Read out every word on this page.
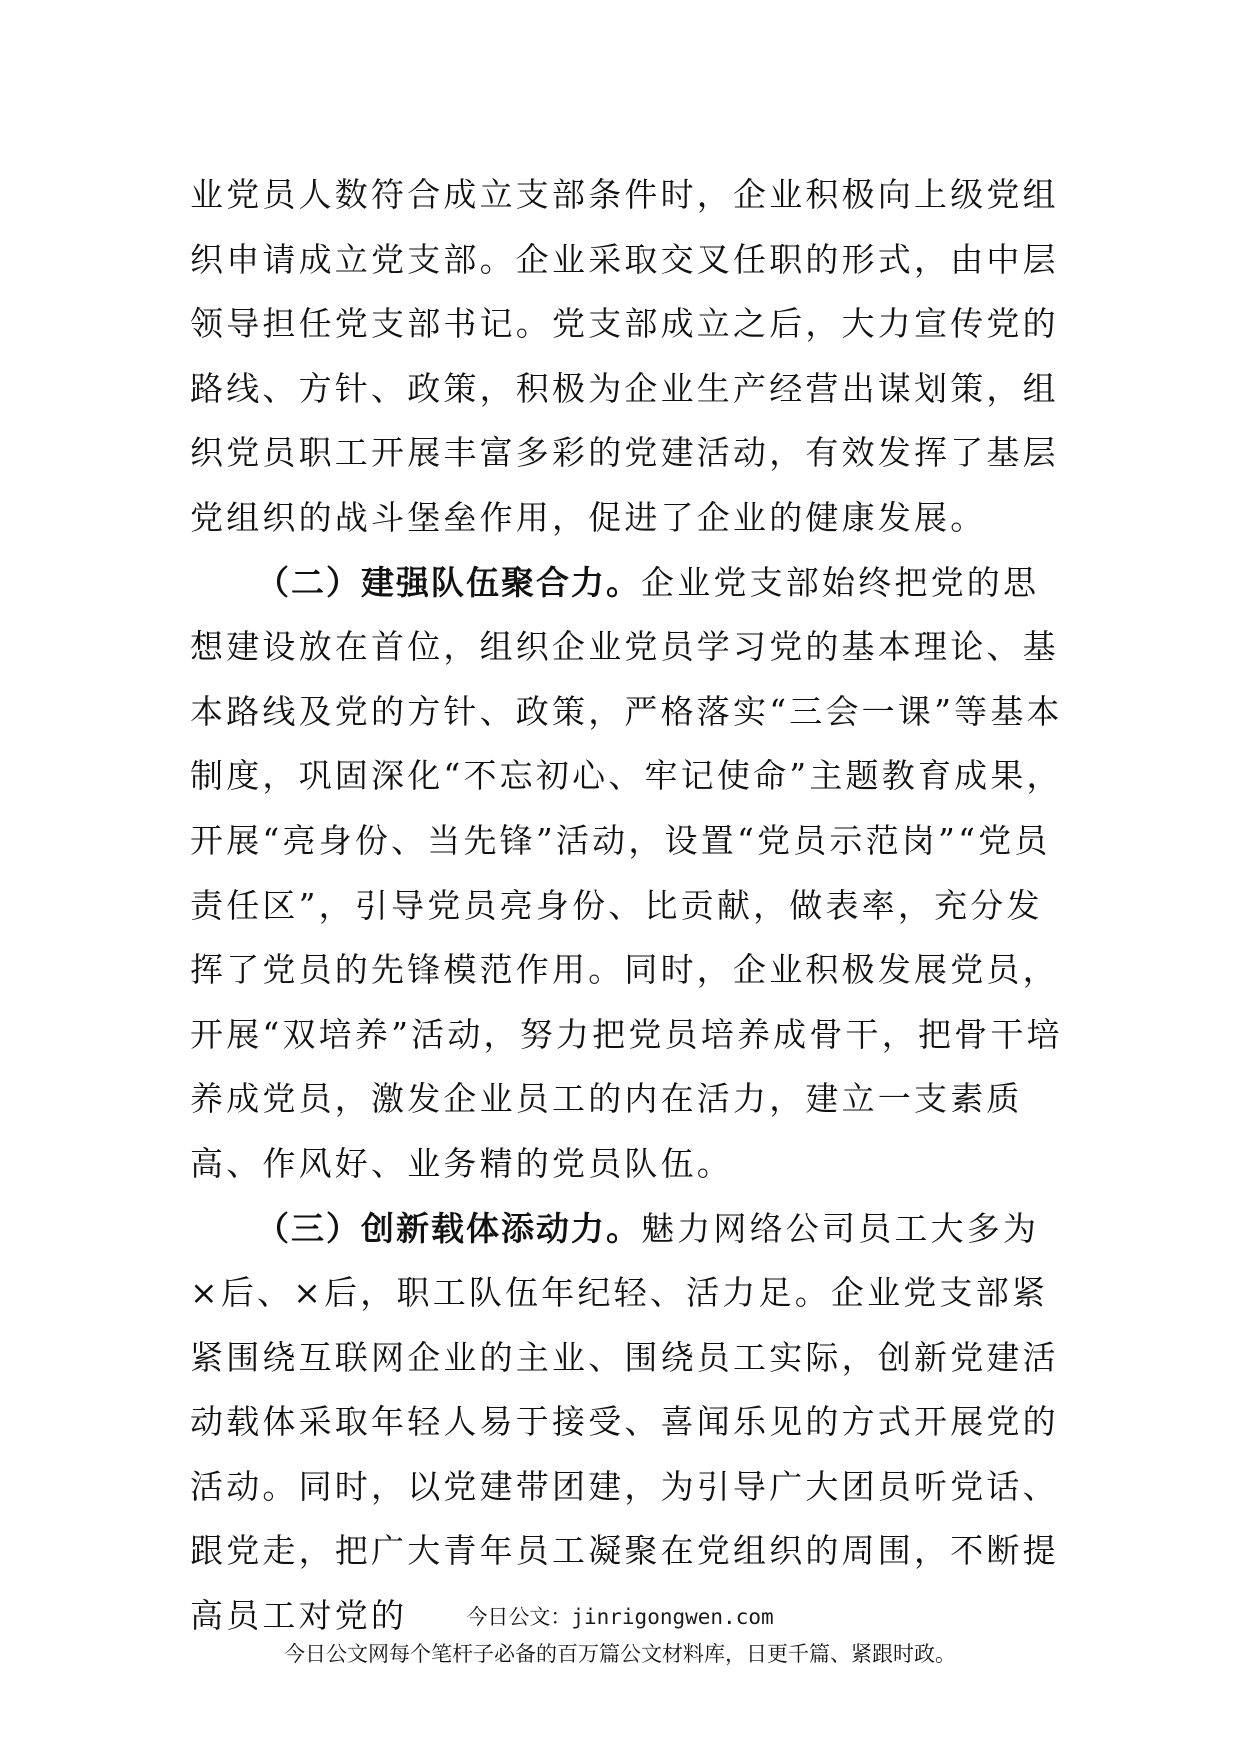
业党员人数符合成立支部条件时，企业积极向上级党组织申请成立党支部。企业采取交叉任职的形式，由中层领导担任党支部书记。党支部成立之后，大力宣传党的路线、方针、政策，积极为企业生产经营出谋划策，组织党员职工开展丰富多彩的党建活动，有效发挥了基层党组织的战斗堡垒作用，促进了企业的健康发展。

（二）建强队伍聚合力。企业党支部始终把党的思想建设放在首位，组织企业党员学习党的基本理论、基本路线及党的方针、政策，严格落实“三会一课”等基本制度，巩固深化“不忘初心、牢记使命”主题教育成果，开展“亮身份、当先锋”活动，设置“党员示范岗”“党员责任区”，引导党员亮身份、比贡献，做表率，充分发挥了党员的先锋模范作用。同时，企业积极发展党员，开展“双培养”活动，努力把党员培养成骨干，把骨干培养成党员，激发企业员工的内在活力，建立一支素质高、作风好、业务精的党员队伍。

（三）创新载体添动力。魅力网络公司员工大多为×后、×后，职工队伍年纪轻、活力足。企业党支部紧紧围绕互联网企业的主业、围绕员工实际，创新党建活动载体采取年轻人易于接受、喜闻乐见的方式开展党的活动。同时，以党建带团建，为引导广大团员听党话、跟党走，把广大青年员工凝聚在党组织的周围，不断提高员工对党的	今日公文：jinrigongwen.com
今日公文网每个笔杆子必备的百万篇公文材料库，日更千篇、紧跟时政。
